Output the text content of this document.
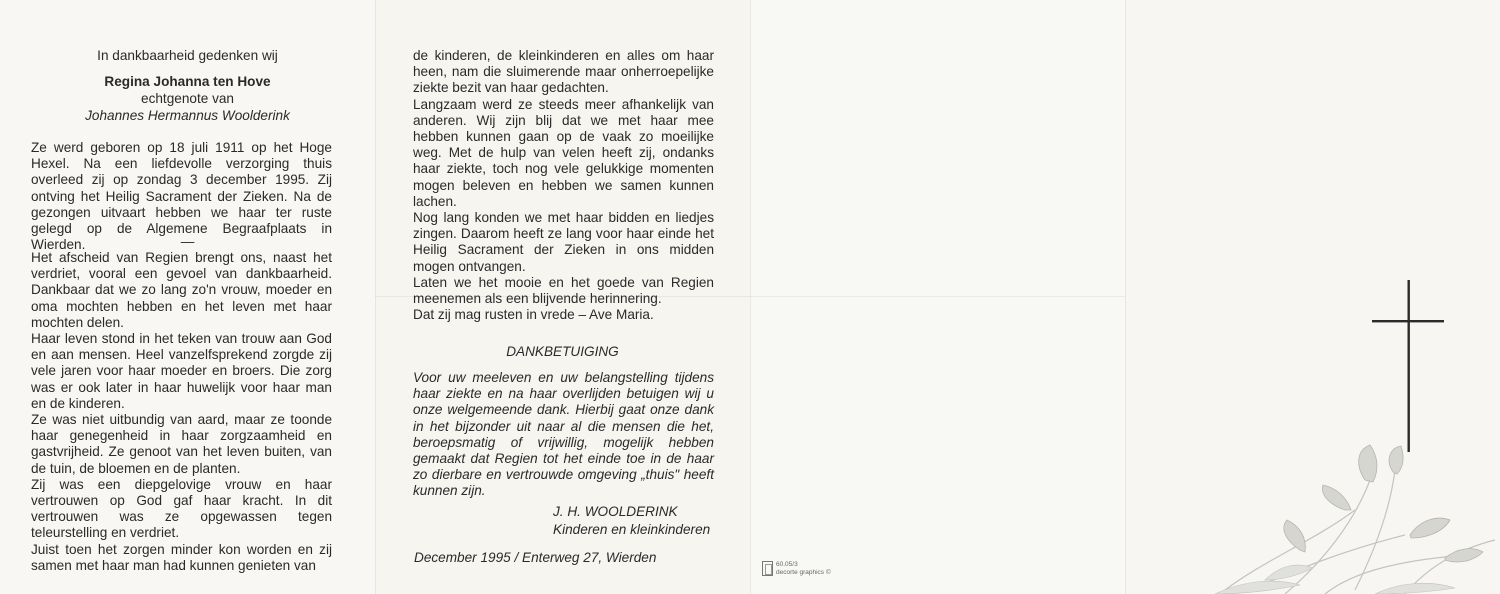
In dankbaarheid gedenken wij
Regina Johanna ten Hove
echtgenote van
Johannes Hermannus Woolderink
Ze werd geboren op 18 juli 1911 op het Hoge Hexel. Na een liefdevolle verzorging thuis overleed zij op zondag 3 december 1995. Zij ontving het Heilig Sacrament der Zieken. Na de gezongen uitvaart hebben we haar ter ruste gelegd op de Algemene Begraafplaats in Wierden.	—
Het afscheid van Regien brengt ons, naast het verdriet, vooral een gevoel van dankbaarheid. Dankbaar dat we zo lang zo'n vrouw, moeder en oma mochten hebben en het leven met haar mochten delen.
Haar leven stond in het teken van trouw aan God en aan mensen. Heel vanzelfsprekend zorgde zij vele jaren voor haar moeder en broers. Die zorg was er ook later in haar huwelijk voor haar man en de kinderen.
Ze was niet uitbundig van aard, maar ze toonde haar genegenheid in haar zorgzaamheid en gastvrijheid. Ze genoot van het leven buiten, van de tuin, de bloemen en de planten.
Zij was een diepgelovige vrouw en haar vertrouwen op God gaf haar kracht. In dit vertrouwen was ze opgewassen tegen teleurstelling en verdriet.
Juist toen het zorgen minder kon worden en zij samen met haar man had kunnen genieten van
de kinderen, de kleinkinderen en alles om haar heen, nam die sluimerende maar onherroepelijke ziekte bezit van haar gedachten.
Langzaam werd ze steeds meer afhankelijk van anderen. Wij zijn blij dat we met haar mee hebben kunnen gaan op de vaak zo moeilijke weg. Met de hulp van velen heeft zij, ondanks haar ziekte, toch nog vele gelukkige momenten mogen beleven en hebben we samen kunnen lachen.
Nog lang konden we met haar bidden en liedjes zingen. Daarom heeft ze lang voor haar einde het Heilig Sacrament der Zieken in ons midden mogen ontvangen.
Laten we het mooie en het goede van Regien meenemen als een blijvende herinnering.
Dat zij mag rusten in vrede – Ave Maria.
DANKBETUIGING
Voor uw meeleven en uw belangstelling tijdens haar ziekte en na haar overlijden betuigen wij u onze welgemeende dank. Hierbij gaat onze dank in het bijzonder uit naar al die mensen die het, beroepsmatig of vrijwillig, mogelijk hebben gemaakt dat Regien tot het einde toe in de haar zo dierbare en vertrouwde omgeving „thuis" heeft kunnen zijn.
J. H. WOOLDERINK
Kinderen en kleinkinderen
December 1995 / Enterweg 27, Wierden	60.05/3
decorte graphics ©
